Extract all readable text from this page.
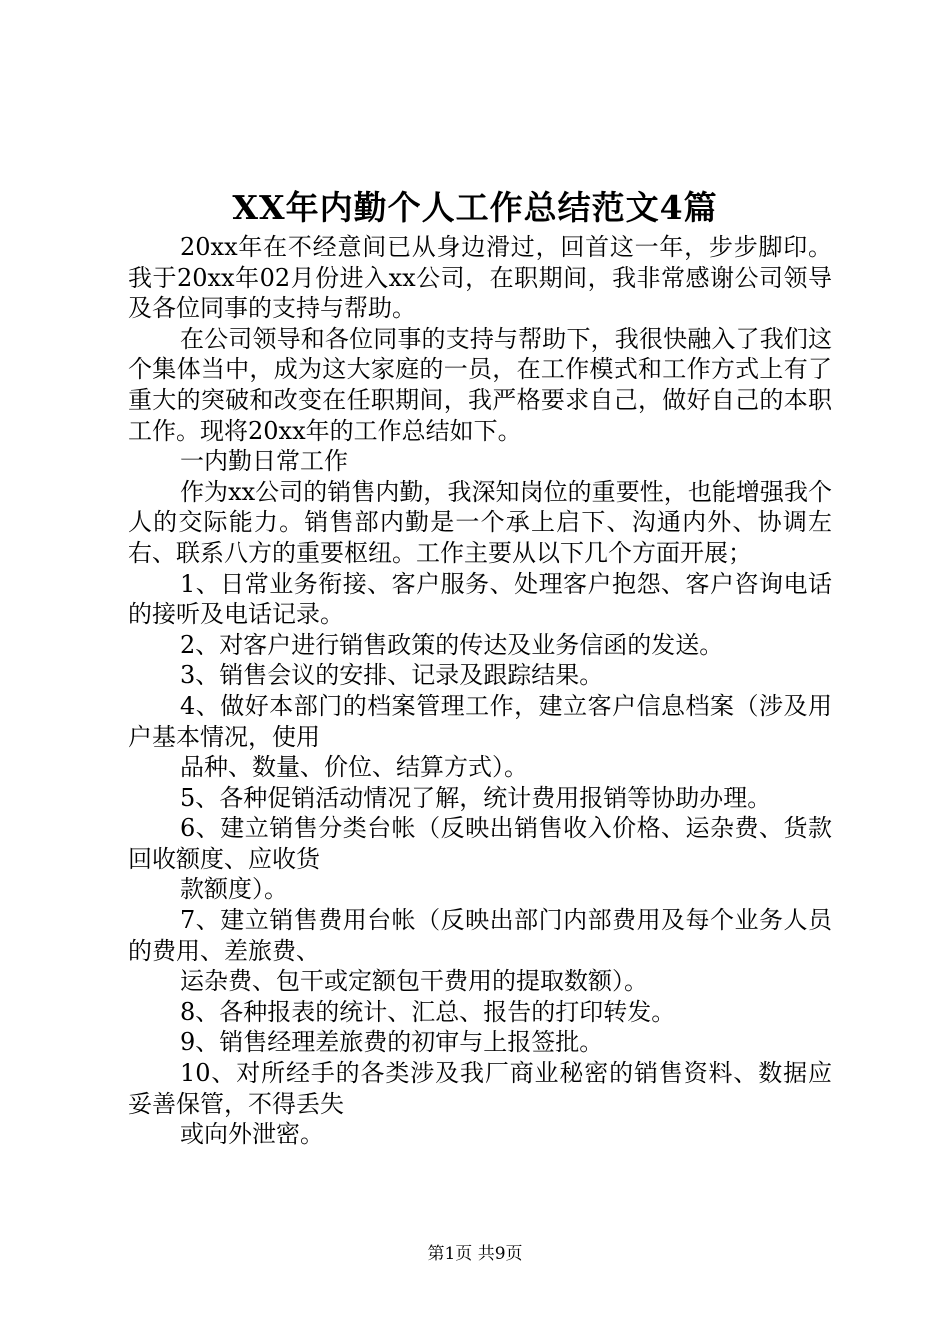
XX年内勤个人工作总结范文4篇

20xx年在不经意间已从身边滑过，回首这一年，步步脚印。我于20xx年02月份进入xx公司，在职期间，我非常感谢公司领导及各位同事的支持与帮助。

在公司领导和各位同事的支持与帮助下，我很快融入了我们这个集体当中，成为这大家庭的一员，在工作模式和工作方式上有了重大的突破和改变在任职期间，我严格要求自己，做好自己的本职工作。现将20xx年的工作总结如下。

一内勤日常工作

作为xx公司的销售内勤，我深知岗位的重要性，也能增强我个人的交际能力。销售部内勤是一个承上启下、沟通内外、协调左右、联系八方的重要枢纽。工作主要从以下几个方面开展；

1、日常业务衔接、客户服务、处理客户抱怨、客户咨询电话的接听及电话记录。

2、对客户进行销售政策的传达及业务信函的发送。

3、销售会议的安排、记录及跟踪结果。

4、做好本部门的档案管理工作，建立客户信息档案（涉及用户基本情况，使用

品种、数量、价位、结算方式）。

5、各种促销活动情况了解，统计费用报销等协助办理。

6、建立销售分类台帐（反映出销售收入价格、运杂费、货款回收额度、应收货

款额度）。

7、建立销售费用台帐（反映出部门内部费用及每个业务人员的费用、差旅费、

运杂费、包干或定额包干费用的提取数额）。

8、各种报表的统计、汇总、报告的打印转发。

9、销售经理差旅费的初审与上报签批。

10、对所经手的各类涉及我厂商业秘密的销售资料、数据应妥善保管，不得丢失

或向外泄密。

第1页 共9页
